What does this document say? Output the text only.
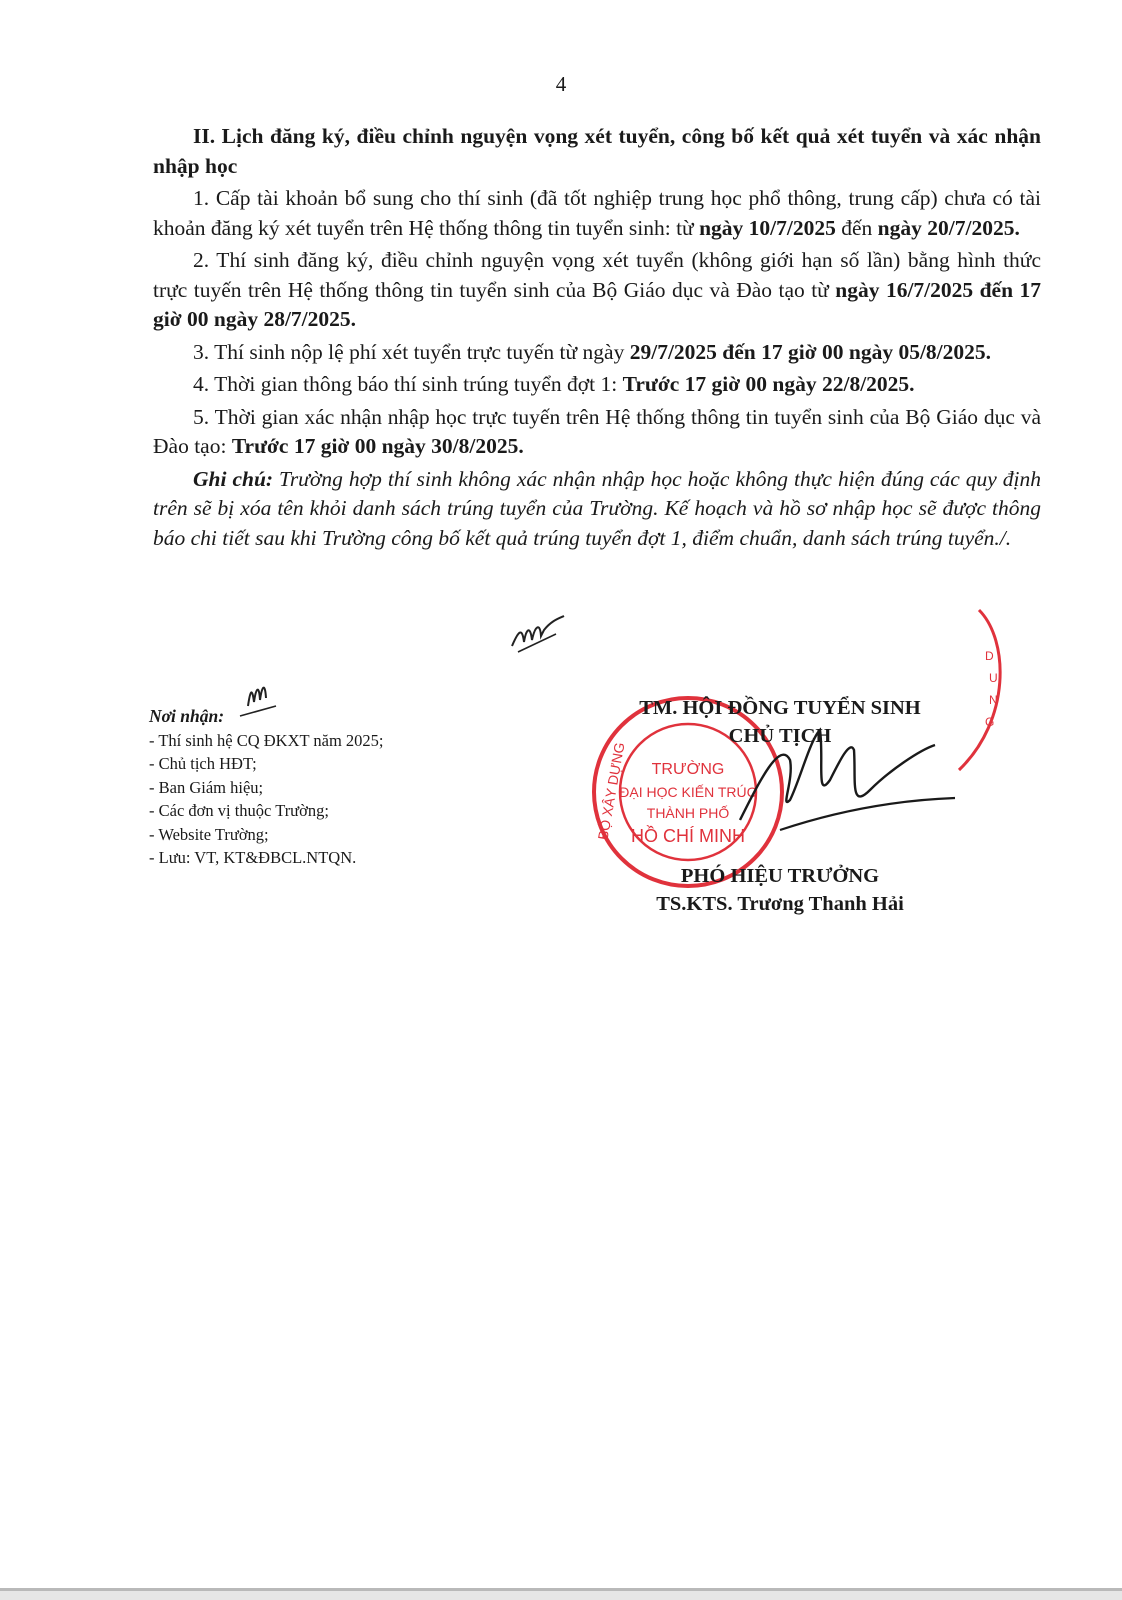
4

II. Lịch đăng ký, điều chỉnh nguyện vọng xét tuyển, công bố kết quả xét tuyển và xác nhận nhập học

1. Cấp tài khoản bổ sung cho thí sinh (đã tốt nghiệp trung học phổ thông, trung cấp) chưa có tài khoản đăng ký xét tuyển trên Hệ thống thông tin tuyển sinh: từ ngày 10/7/2025 đến ngày 20/7/2025.

2. Thí sinh đăng ký, điều chỉnh nguyện vọng xét tuyển (không giới hạn số lần) bằng hình thức trực tuyến trên Hệ thống thông tin tuyển sinh của Bộ Giáo dục và Đào tạo từ ngày 16/7/2025 đến 17 giờ 00 ngày 28/7/2025.

3. Thí sinh nộp lệ phí xét tuyển trực tuyến từ ngày 29/7/2025 đến 17 giờ 00 ngày 05/8/2025.

4. Thời gian thông báo thí sinh trúng tuyển đợt 1: Trước 17 giờ 00 ngày 22/8/2025.

5. Thời gian xác nhận nhập học trực tuyến trên Hệ thống thông tin tuyển sinh của Bộ Giáo dục và Đào tạo: Trước 17 giờ 00 ngày 30/8/2025.

Ghi chú: Trường hợp thí sinh không xác nhận nhập học hoặc không thực hiện đúng các quy định trên sẽ bị xóa tên khỏi danh sách trúng tuyển của Trường. Kế hoạch và hồ sơ nhập học sẽ được thông báo chi tiết sau khi Trường công bố kết quả trúng tuyển đợt 1, điểm chuẩn, danh sách trúng tuyển./.

Nơi nhận:
- Thí sinh hệ CQ ĐKXT năm 2025;
- Chủ tịch HĐT;
- Ban Giám hiệu;
- Các đơn vị thuộc Trường;
- Website Trường;
- Lưu: VT, KT&ĐBCL.NTQN.
TRƯỜNG
ĐẠI HỌC KIẾN TRÚC
THÀNH PHỐ
HỒ CHÍ MINH
BỘ XÂY DỰNG
D
U
N
G
TM. HỘI ĐỒNG TUYỂN SINH
CHỦ TỊCH
PHÓ HIỆU TRƯỞNG
TS.KTS. Trương Thanh Hải
